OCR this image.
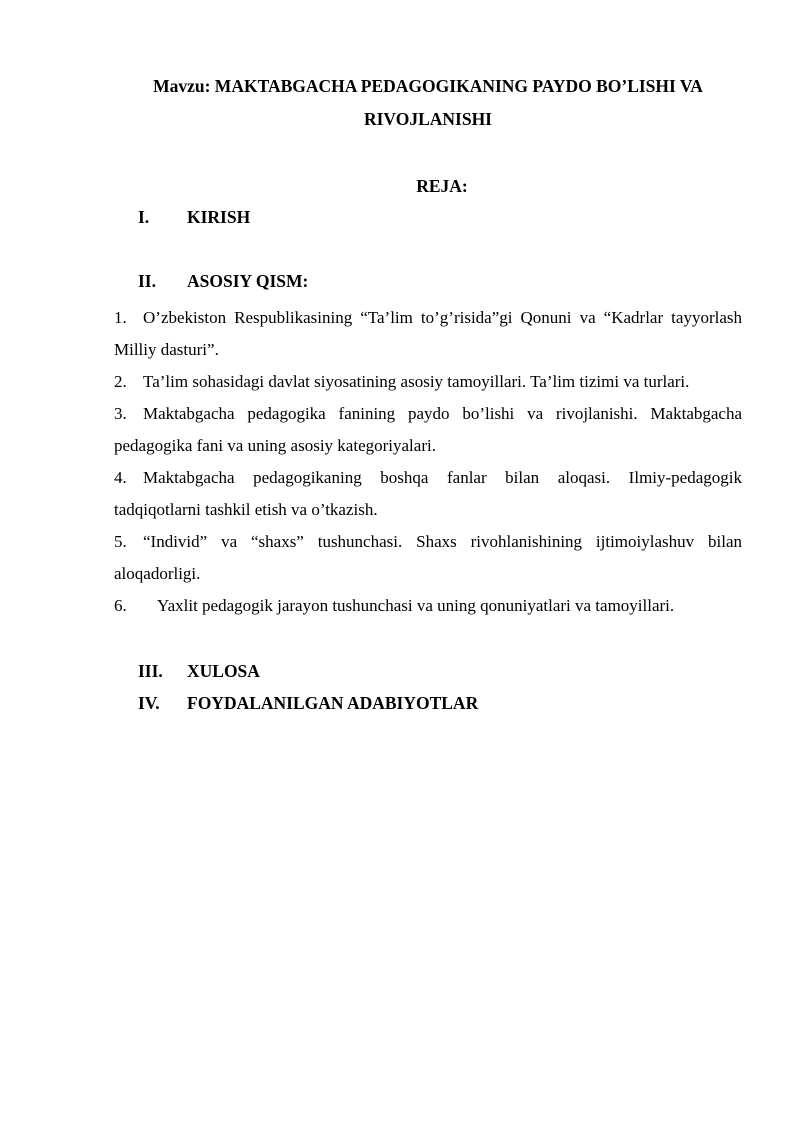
Mavzu: MAKTABGACHA PEDAGOGIKANING PAYDO BO’LISHI VA
RIVOJLANISHI

REJA:

I.	KIRISH
II.	ASOSIY QISM:

1. O’zbekiston Respublikasining “Ta’lim to’g’risida”gi Qonuni va “Kadrlar tayyorlash Milliy dasturi”.

2. Ta’lim sohasidagi davlat siyosatining asosiy tamoyillari. Ta’lim tizimi va turlari.

3. Maktabgacha pedagogika fanining paydo bo’lishi va rivojlanishi. Maktabgacha pedagogika fani va uning asosiy kategoriyalari.

4. Maktabgacha pedagogikaning boshqa fanlar bilan aloqasi. Ilmiy-pedagogik tadqiqotlarni tashkil etish va o’tkazish.

5. “Individ” va “shaxs” tushunchasi. Shaxs rivohlanishining ijtimoiylashuv bilan aloqadorligi.

6. Yaxlit pedagogik jarayon tushunchasi va uning qonuniyatlari va tamoyillari.

III.	XULOSA
IV.	FOYDALANILGAN ADABIYOTLAR
